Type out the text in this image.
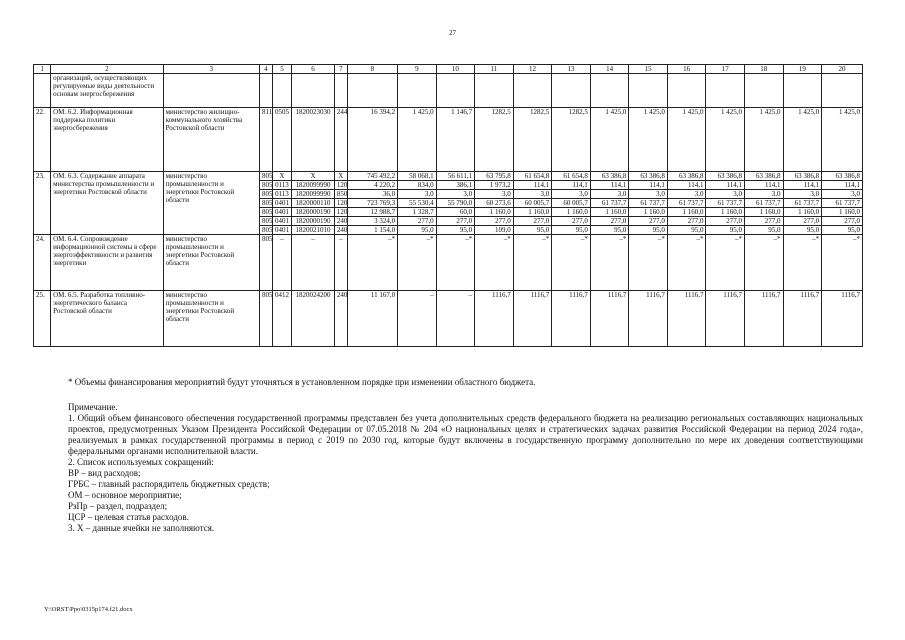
27
1	2	3	4	5	6	7	8	9	10	11	12	13	14	15	16	17	18	19	20
	организаций, осуществляющих регулируемые виды деятельности основам энергосбережения																		
22.	ОМ. 6.2. Информационная поддержка политики энергосбережения	министерство жилищно-коммунального хозяйства Ростовской области	811	0505	1820023030	244	16 394,2	1 425,0	1 146,7	1282,5	1282,5	1282,5	1 425,0	1 425,0	1 425,0	1 425,0	1 425,0	1 425,0	1 425,0
23.	ОМ. 6.3. Содержание аппарата министерства промышленности и энергетики Ростовской области	министерство промышленности и энергетики Ростовской области	805	Х	Х	Х	745 492,2	58 068,1	56 611,1	63 795,8	61 654,8	61 654,8	63 386,8	63 386,8	63 386,8	63 386,8	63 386,8	63 386,8	63 386,8
			805	0113	1820099990	120	4 220,2	834,0	386,1	1 973,2	114,1	114,1	114,1	114,1	114,1	114,1	114,1	114,1	114,1
			805	0113	1820099990	850	36,0	3,0	3,0	3,0	3,0	3,0	3,0	3,0	3,0	3,0	3,0	3,0	3,0
			805	0401	1820000110	120	723 769,3	55 530,4	55 790,0	60 273,6	60 005,7	60 005,7	61 737,7	61 737,7	61 737,7	61 737,7	61 737,7	61 737,7	61 737,7
			805	0401	1820000190	120	12 988,7	1 328,7	60,0	1 160,0	1 160,0	1 160,0	1 160,0	1 160,0	1 160,0	1 160,0	1 160,0	1 160,0	1 160,0
			805	0401	1820000190	240	3 324,0	277,0	277,0	277,0	277,0	277,0	277,0	277,0	277,0	277,0	277,0	277,0	277,0
			805	0401	1820021010	240	1 154,0	95,0	95,0	109,0	95,0	95,0	95,0	95,0	95,0	95,0	95,0	95,0	95,0
24.	ОМ. 6.4. Сопровождение информационной системы в сфере энергоэффективности и развития энергетики	министерство промышленности и энергетики Ростовской области	805	–	–	–	–*	–*	–*	–*	–*	–*	–*	–*	–*	–*	–*	–*	–*
25.	ОМ. 6.5. Разработка топливно-энергетического баланса Ростовской области	министерство промышленности и энергетики Ростовской области	805	0412	1820024200	240	11 167,0	–	–	1116,7	1116,7	1116,7	1116,7	1116,7	1116,7	1116,7	1116,7	1116,7	1116,7
* Объемы финансирования мероприятий будут уточняться в установленном порядке при изменении областного бюджета.

Примечание.

1. Общий объем финансового обеспечения государственной программы представлен без учета дополнительных средств федерального бюджета на реализацию региональных составляющих национальных проектов, предусмотренных Указом Президента Российской Федерации от 07.05.2018 № 204 «О национальных целях и стратегических задачах развития Российской Федерации на период 2024 года», реализуемых в рамках государственной программы в период с 2019 по 2030 год, которые будут включены в государственную программу дополнительно по мере их доведения соответствующими федеральными органами исполнительной власти.

2. Список используемых сокращений:

ВР – вид расходов;

ГРБС – главный распорядитель бюджетных средств;

ОМ – основное мероприятие;

РзПр – раздел, подраздел;

ЦСР – целевая статья расходов.

3. Х – данные ячейки не заполняются.

Y:\ORST\Ppo\0315p174.f21.docx
